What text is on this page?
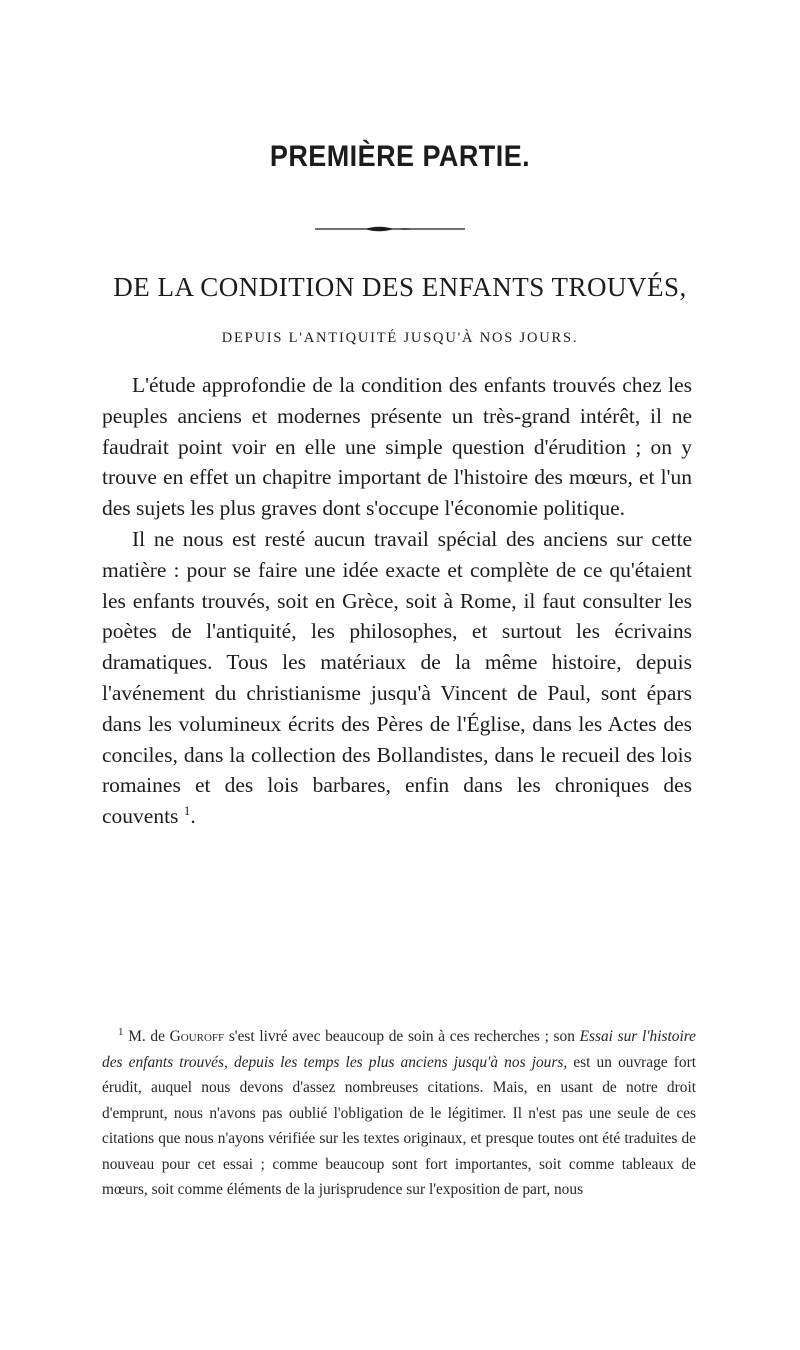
PREMIÈRE PARTIE.
DE LA CONDITION DES ENFANTS TROUVÉS,
DEPUIS L'ANTIQUITÉ JUSQU'À NOS JOURS.

L'étude approfondie de la condition des enfants trouvés chez les peuples anciens et modernes présente un très-grand intérêt, il ne faudrait point voir en elle une simple question d'érudition ; on y trouve en effet un chapitre important de l'histoire des mœurs, et l'un des sujets les plus graves dont s'occupe l'économie politique.

Il ne nous est resté aucun travail spécial des anciens sur cette matière : pour se faire une idée exacte et complète de ce qu'étaient les enfants trouvés, soit en Grèce, soit à Rome, il faut consulter les poètes de l'antiquité, les philosophes, et surtout les écrivains dramatiques. Tous les matériaux de la même histoire, depuis l'avénement du christianisme jusqu'à Vincent de Paul, sont épars dans les volumineux écrits des Pères de l'Église, dans les Actes des conciles, dans la collection des Bollandistes, dans le recueil des lois romaines et des lois barbares, enfin dans les chroniques des couvents $^1$.

$^1$ M. de Gouroff s'est livré avec beaucoup de soin à ces recherches ; son Essai sur l'histoire des enfants trouvés, depuis les temps les plus anciens jusqu'à nos jours, est un ouvrage fort érudit, auquel nous devons d'assez nombreuses citations. Mais, en usant de notre droit d'emprunt, nous n'avons pas oublié l'obligation de le légitimer. Il n'est pas une seule de ces citations que nous n'ayons vérifiée sur les textes originaux, et presque toutes ont été traduites de nouveau pour cet essai ; comme beaucoup sont fort importantes, soit comme tableaux de mœurs, soit comme éléments de la jurisprudence sur l'exposition de part, nous
